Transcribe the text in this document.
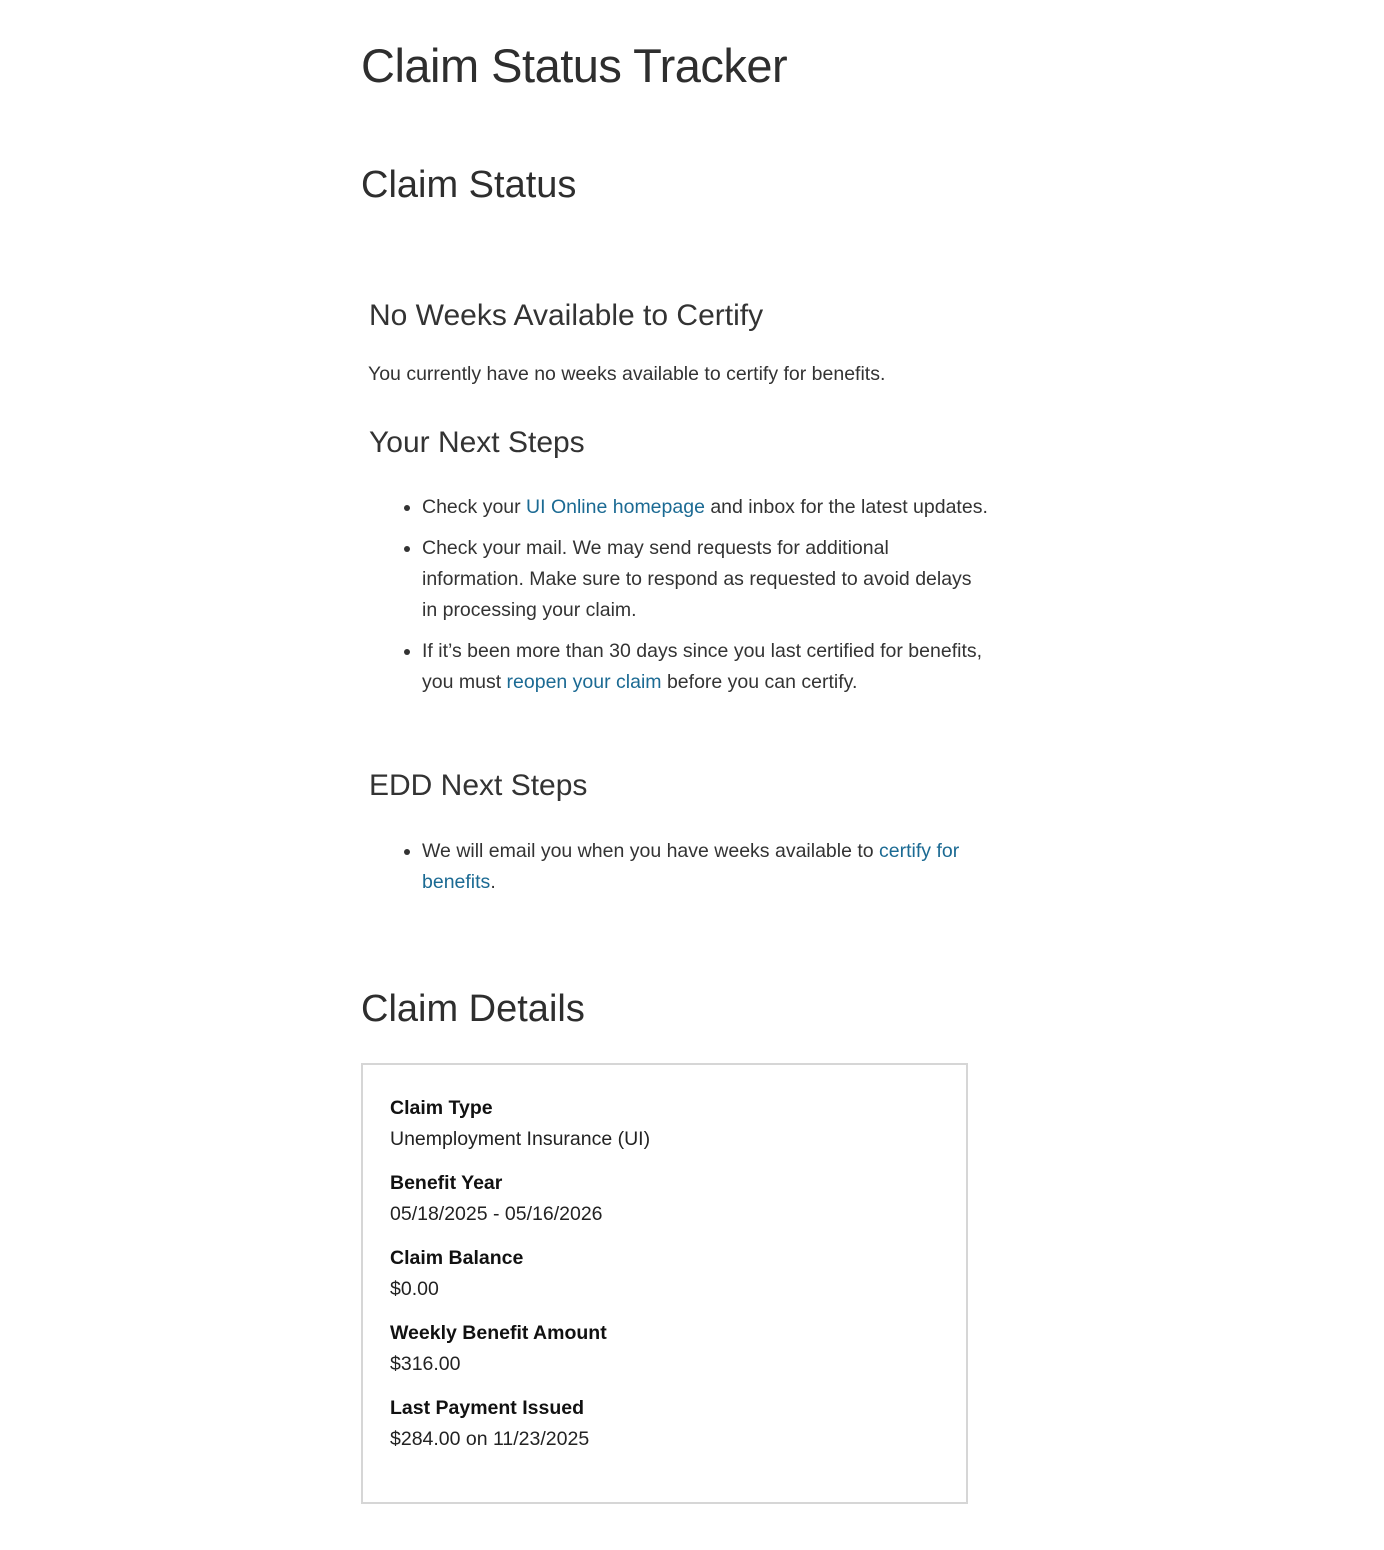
Claim Status Tracker
Claim Status
No Weeks Available to Certify

You currently have no weeks available to certify for benefits.

Your Next Steps
• Check your UI Online homepage and inbox for the latest updates.
• Check your mail. We may send requests for additional information. Make sure to respond as requested to avoid delays in processing your claim.
• If it’s been more than 30 days since you last certified for benefits, you must reopen your claim before you can certify.
EDD Next Steps
• We will email you when you have weeks available to certify for benefits.
Claim Details
Claim Type
Unemployment Insurance (UI)
Benefit Year
05/18/2025 - 05/16/2026
Claim Balance
$0.00
Weekly Benefit Amount
$316.00
Last Payment Issued
$284.00 on 11/23/2025
